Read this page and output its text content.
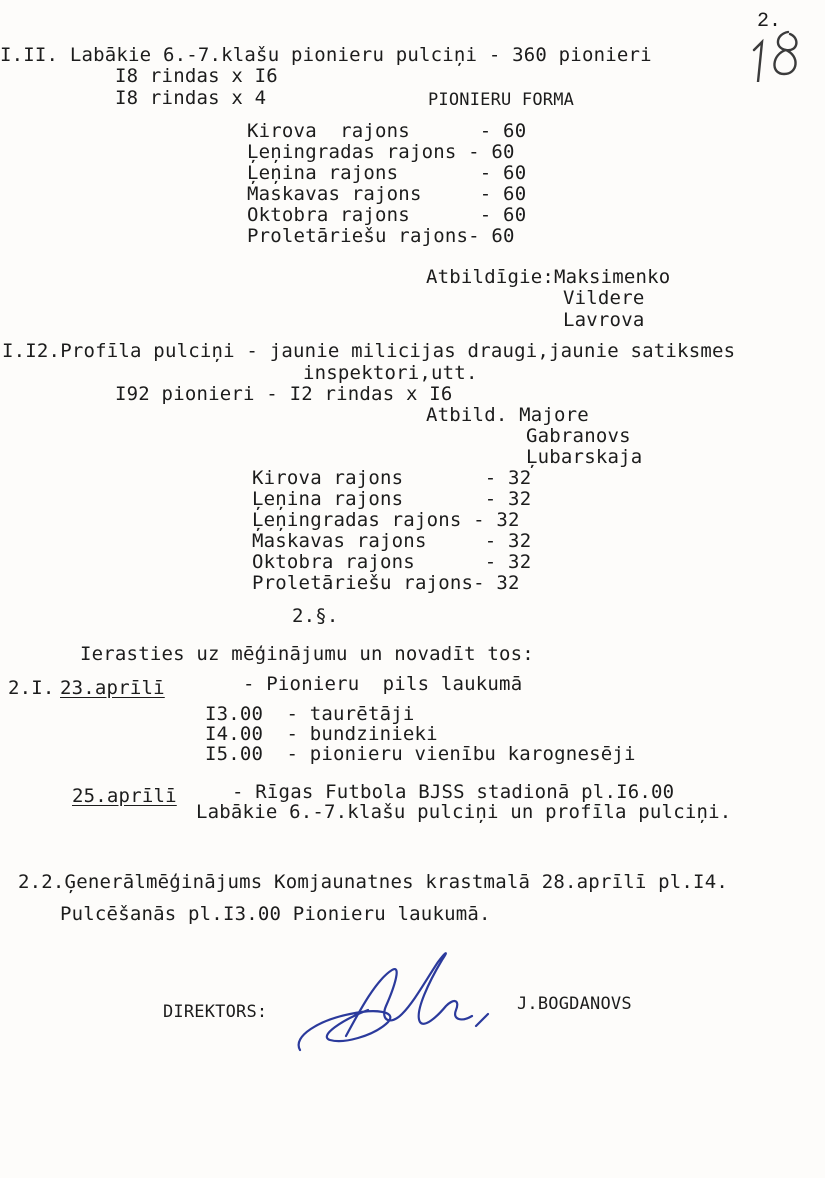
2.
I.II. Labākie 6.-7.klašu pionieru pulciņi - 360 pionieri
I8 rindas x I6
I8 rindas x 4	PIONIERU FORMA
Kirova  rajons      - 60
Ļeņingradas rajons - 60
Ļeņina rajons       - 60
Maskavas rajons     - 60
Oktobra rajons      - 60
Proletāriešu rajons- 60
Atbildīgie:Maksimenko
Vildere
Lavrova
I.I2.Profīla pulciņi - jaunie milicijas draugi,jaunie satiksmes
inspektori,utt.
I92 pionieri - I2 rindas x I6
Atbild. Majore
Gabranovs
Ļubarskaja
Kirova rajons       - 32
Ļeņina rajons       - 32
Ļeņingradas rajons - 32
Maskavas rajons     - 32
Oktobra rajons      - 32
Proletāriešu rajons- 32
2.§.
Ierasties uz mēģinājumu un novadīt tos:
2.I. 23.aprīlī	- Pionieru  pils laukumā
I3.00  - taurētāji
I4.00  - bundzinieki
I5.00  - pionieru vienību karognesēji
25.aprīlī	- Rīgas Futbola BJSS stadionā pl.I6.00
Labākie 6.-7.klašu pulciņi un profīla pulciņi.
2.2.Ģenerālmēģinājums Komjaunatnes krastmalā 28.aprīlī pl.I4.
Pulcēšanās pl.I3.00 Pionieru laukumā.
DIREKTORS:	J.BOGDANOVS
